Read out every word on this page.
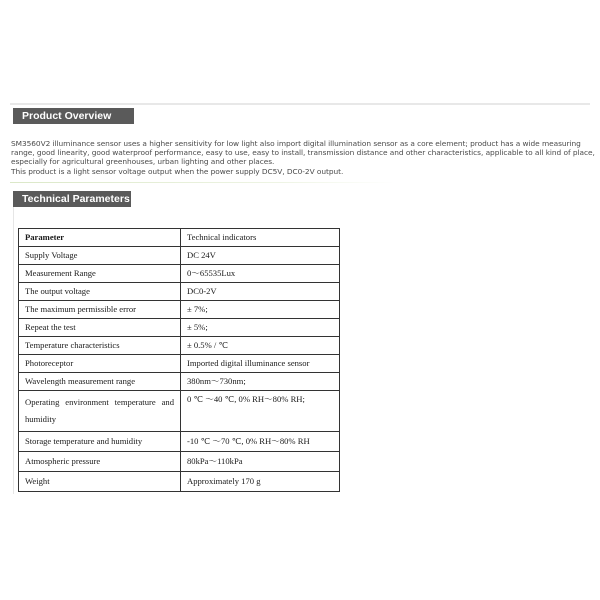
Product Overview

SM3560V2 illuminance sensor uses a higher sensitivity for low light also import digital illumination sensor as a core element; product has a wide measuring range, good linearity, good waterproof performance, easy to use, easy to install, transmission distance and other characteristics, applicable to all kind of place, especially for agricultural greenhouses, urban lighting and other places.

This product is a light sensor voltage output when the power supply DC5V, DC0-2V output.

Technical Parameters
Parameter	Technical indicators
Supply Voltage	DC 24V
Measurement Range	0～65535Lux
The output voltage	DC0-2V
The maximum permissible error	± 7%;
Repeat the test	± 5%;
Temperature characteristics	± 0.5% / ℃
Photoreceptor	Imported digital illuminance sensor
Wavelength measurement range	380nm～730nm;
Operating environment temperature and humidity	0 ℃ ～40 ℃, 0% RH～80% RH;
Storage temperature and humidity	-10 ℃ ～70 ℃, 0% RH～80% RH
Atmospheric pressure	80kPa～110kPa
Weight	Approximately 170 g
